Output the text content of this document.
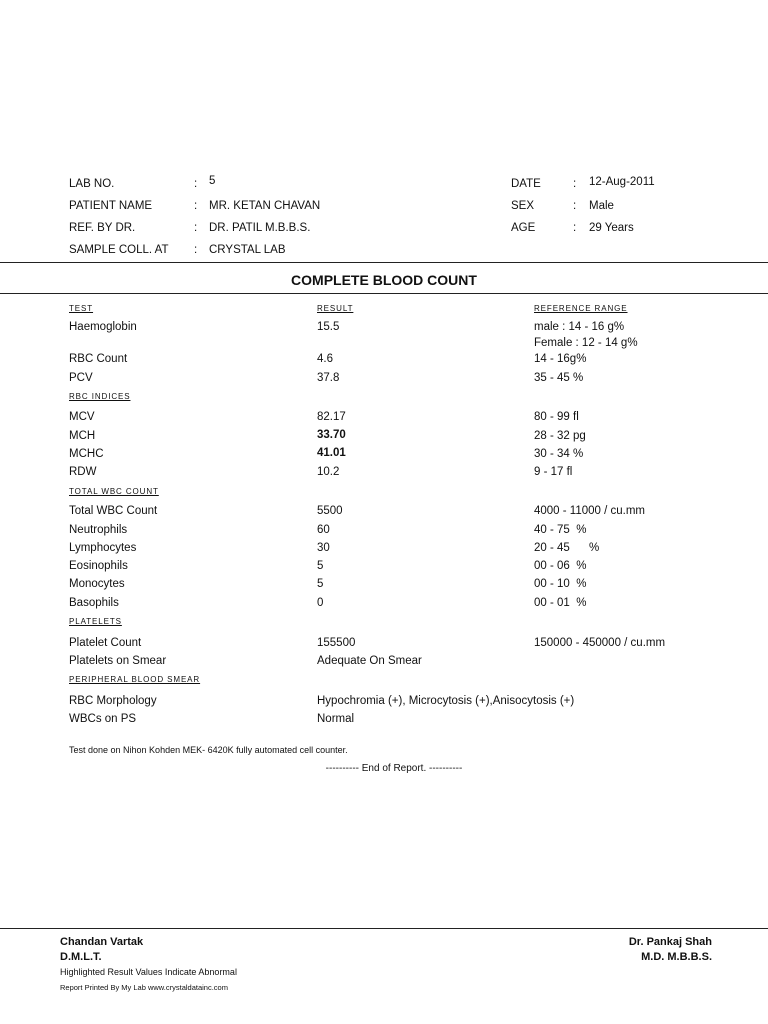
LAB NO.	: 5
PATIENT NAME	: MR. KETAN CHAVAN
REF. BY DR.	: DR. PATIL M.B.B.S.
SAMPLE COLL. AT : CRYSTAL LAB
DATE	: 12-Aug-2011
SEX	: Male
AGE	: 29 Years
COMPLETE BLOOD COUNT
TEST	RESULT	REFERENCE RANGE
Haemoglobin	15.5	male : 14 - 16 g%
Female : 12 - 14 g%
RBC Count	4.6	14 - 16g%
PCV	37.8	35 - 45 %
RBC INDICES
MCV	82.17	80 - 99 fl
MCH	33.70	28 - 32 pg
MCHC	41.01	30 - 34 %
RDW	10.2	9 - 17 fl
TOTAL WBC COUNT
Total WBC Count	5500	4000 - 11000 / cu.mm
Neutrophils	60	40 - 75  %
Lymphocytes	30	20 - 45      %
Eosinophils	5	00 - 06  %
Monocytes	5	00 - 10  %
Basophils	0	00 - 01  %
PLATELETS
Platelet Count	155500	150000 - 450000 / cu.mm
Platelets on Smear	Adequate On Smear
PERIPHERAL BLOOD SMEAR
RBC Morphology	Hypochromia (+), Microcytosis (+),Anisocytosis (+)
WBCs on PS	Normal
Test done on Nihon Kohden MEK- 6420K fully automated cell counter.
---------- End of Report. ----------
Chandan Vartak
D.M.L.T.
Dr. Pankaj Shah
M.D. M.B.B.S.
Highlighted Result Values Indicate Abnormal
Report Printed By My Lab www.crystaldatainc.com
